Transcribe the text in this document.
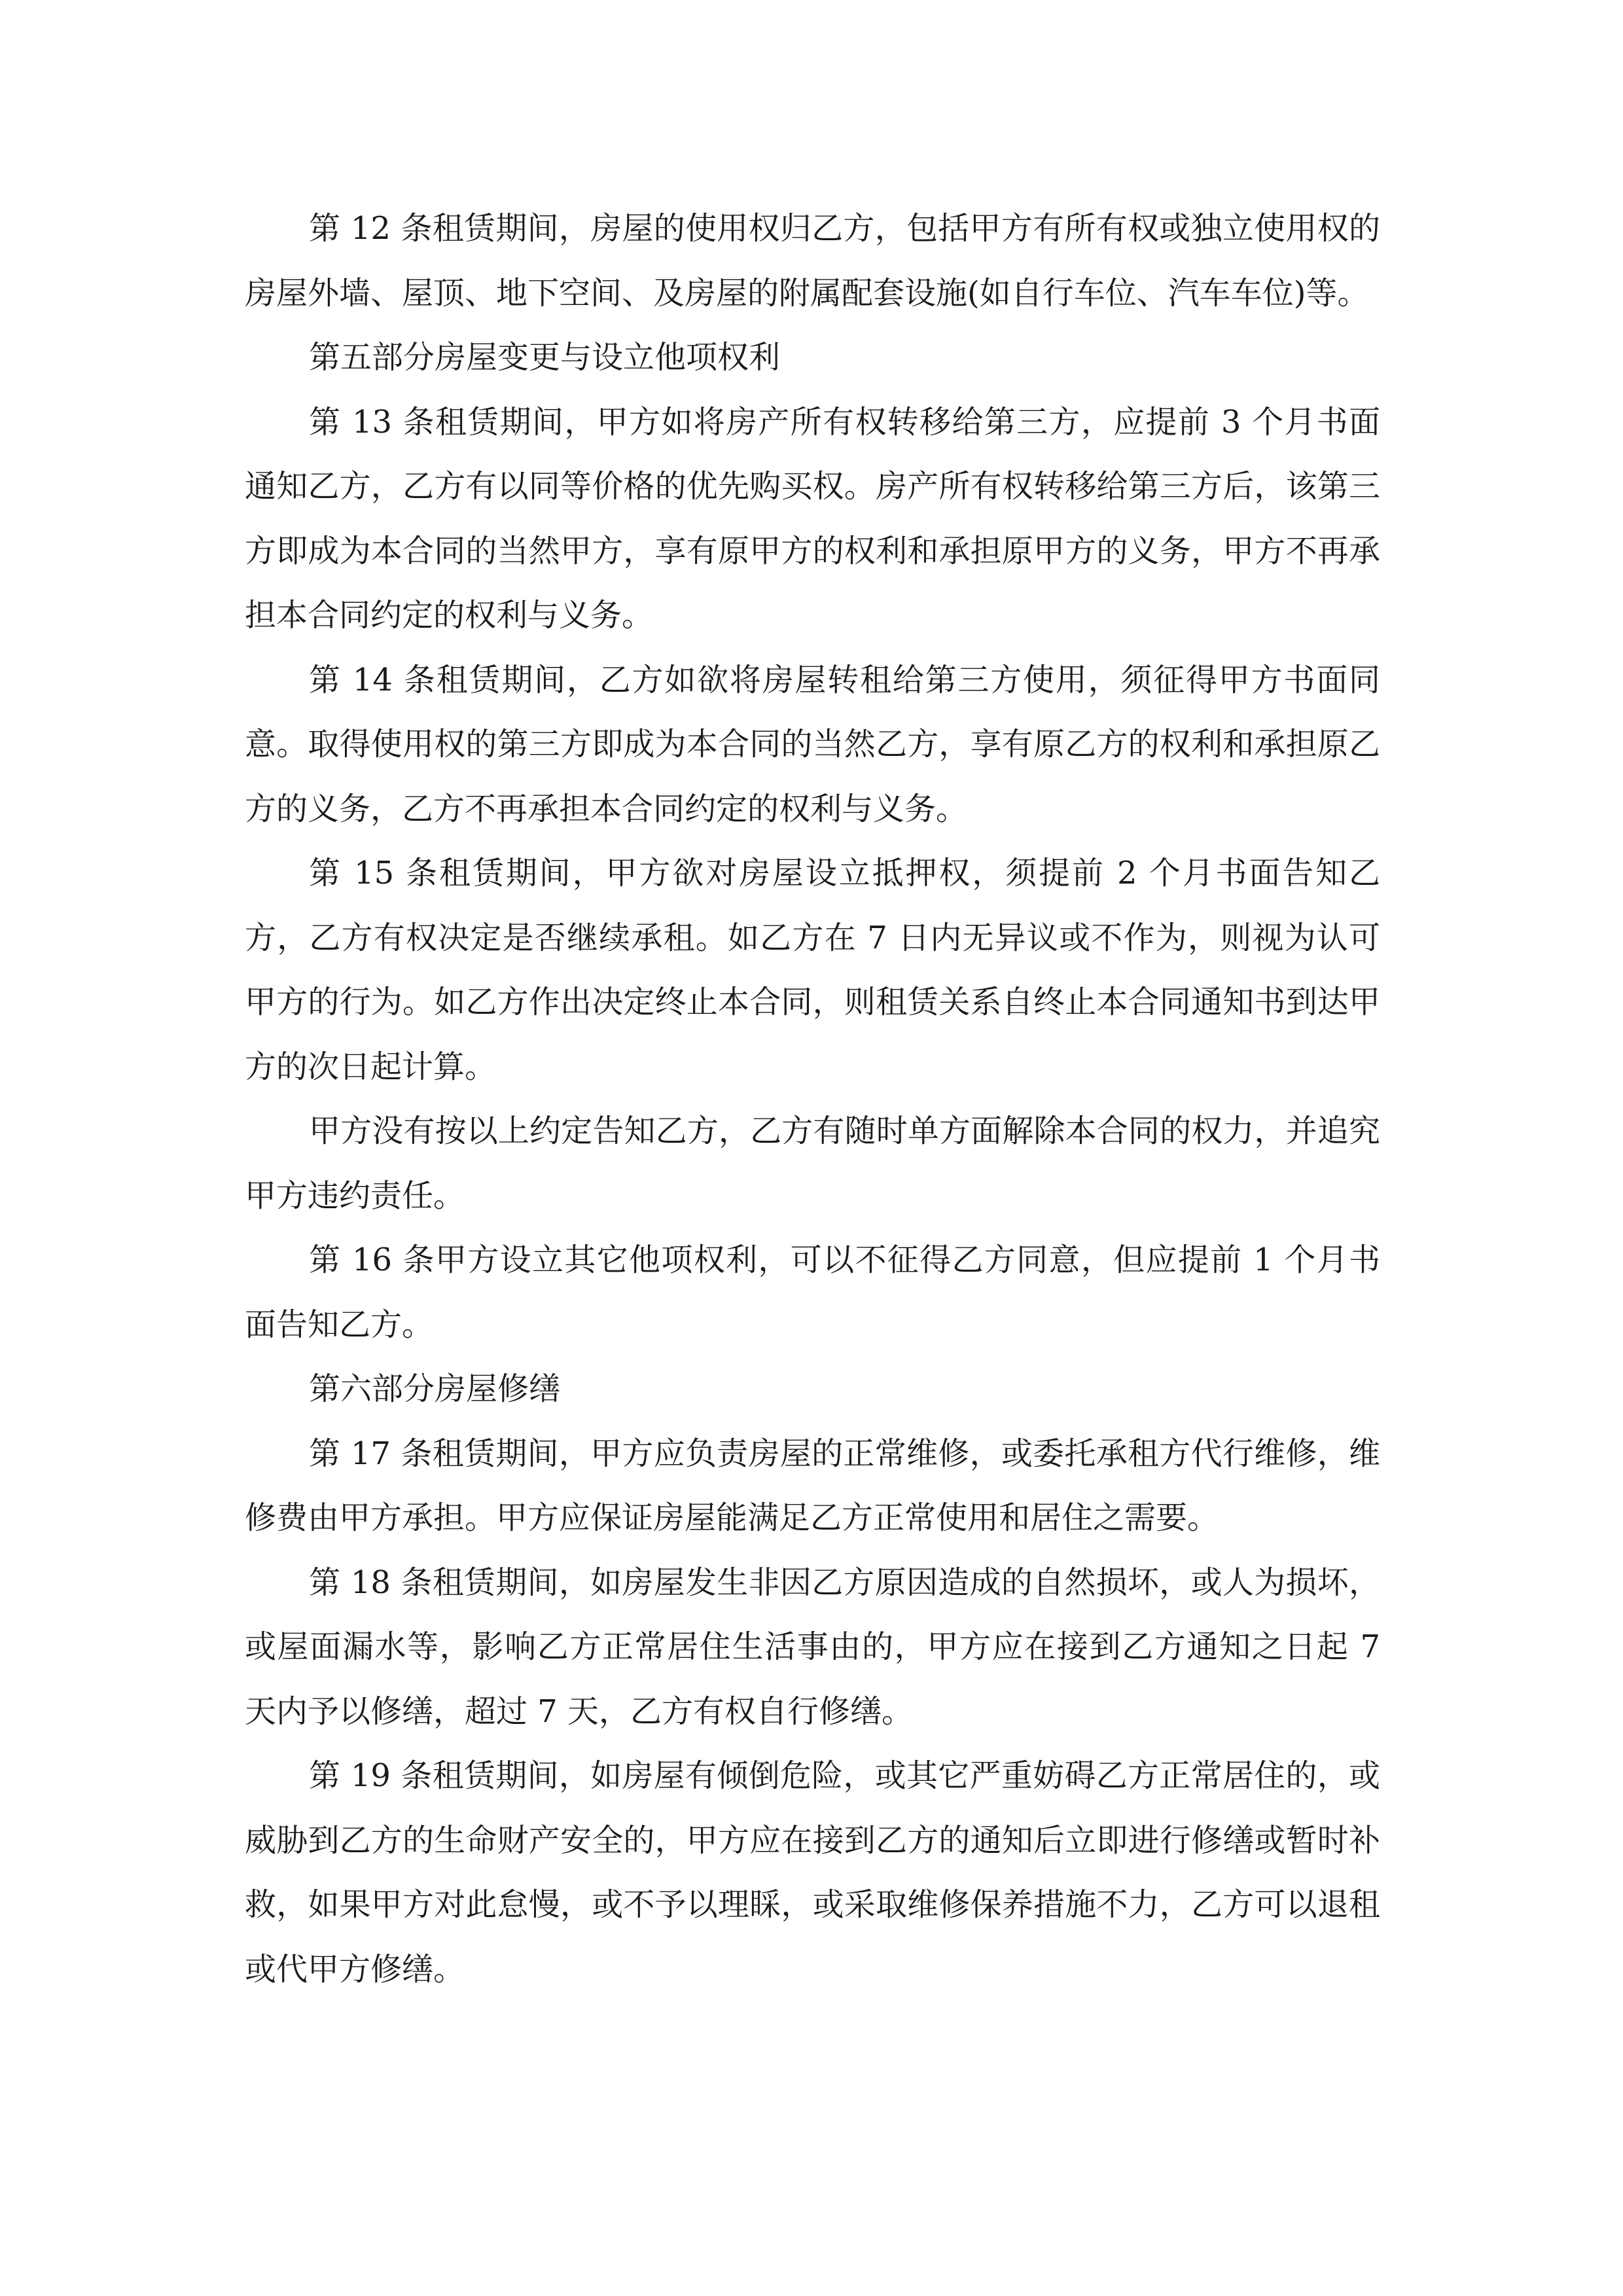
第 12 条租赁期间，房屋的使用权归乙方，包括甲方有所有权或独立使用权的房屋外墙、屋顶、地下空间、及房屋的附属配套设施(如自行车位、汽车车位)等。

第五部分房屋变更与设立他项权利

第 13 条租赁期间，甲方如将房产所有权转移给第三方，应提前 3 个月书面通知乙方，乙方有以同等价格的优先购买权。房产所有权转移给第三方后，该第三方即成为本合同的当然甲方，享有原甲方的权利和承担原甲方的义务，甲方不再承担本合同约定的权利与义务。

第 14 条租赁期间，乙方如欲将房屋转租给第三方使用，须征得甲方书面同意。取得使用权的第三方即成为本合同的当然乙方，享有原乙方的权利和承担原乙方的义务，乙方不再承担本合同约定的权利与义务。

第 15 条租赁期间，甲方欲对房屋设立抵押权，须提前 2 个月书面告知乙方，乙方有权决定是否继续承租。如乙方在 7 日内无异议或不作为，则视为认可甲方的行为。如乙方作出决定终止本合同，则租赁关系自终止本合同通知书到达甲方的次日起计算。

甲方没有按以上约定告知乙方，乙方有随时单方面解除本合同的权力，并追究甲方违约责任。

第 16 条甲方设立其它他项权利，可以不征得乙方同意，但应提前 1 个月书面告知乙方。

第六部分房屋修缮

第 17 条租赁期间，甲方应负责房屋的正常维修，或委托承租方代行维修，维修费由甲方承担。甲方应保证房屋能满足乙方正常使用和居住之需要。

第 18 条租赁期间，如房屋发生非因乙方原因造成的自然损坏，或人为损坏，或屋面漏水等，影响乙方正常居住生活事由的，甲方应在接到乙方通知之日起 7 天内予以修缮，超过 7 天，乙方有权自行修缮。

第 19 条租赁期间，如房屋有倾倒危险，或其它严重妨碍乙方正常居住的，或威胁到乙方的生命财产安全的，甲方应在接到乙方的通知后立即进行修缮或暂时补救，如果甲方对此怠慢，或不予以理睬，或采取维修保养措施不力，乙方可以退租或代甲方修缮。
